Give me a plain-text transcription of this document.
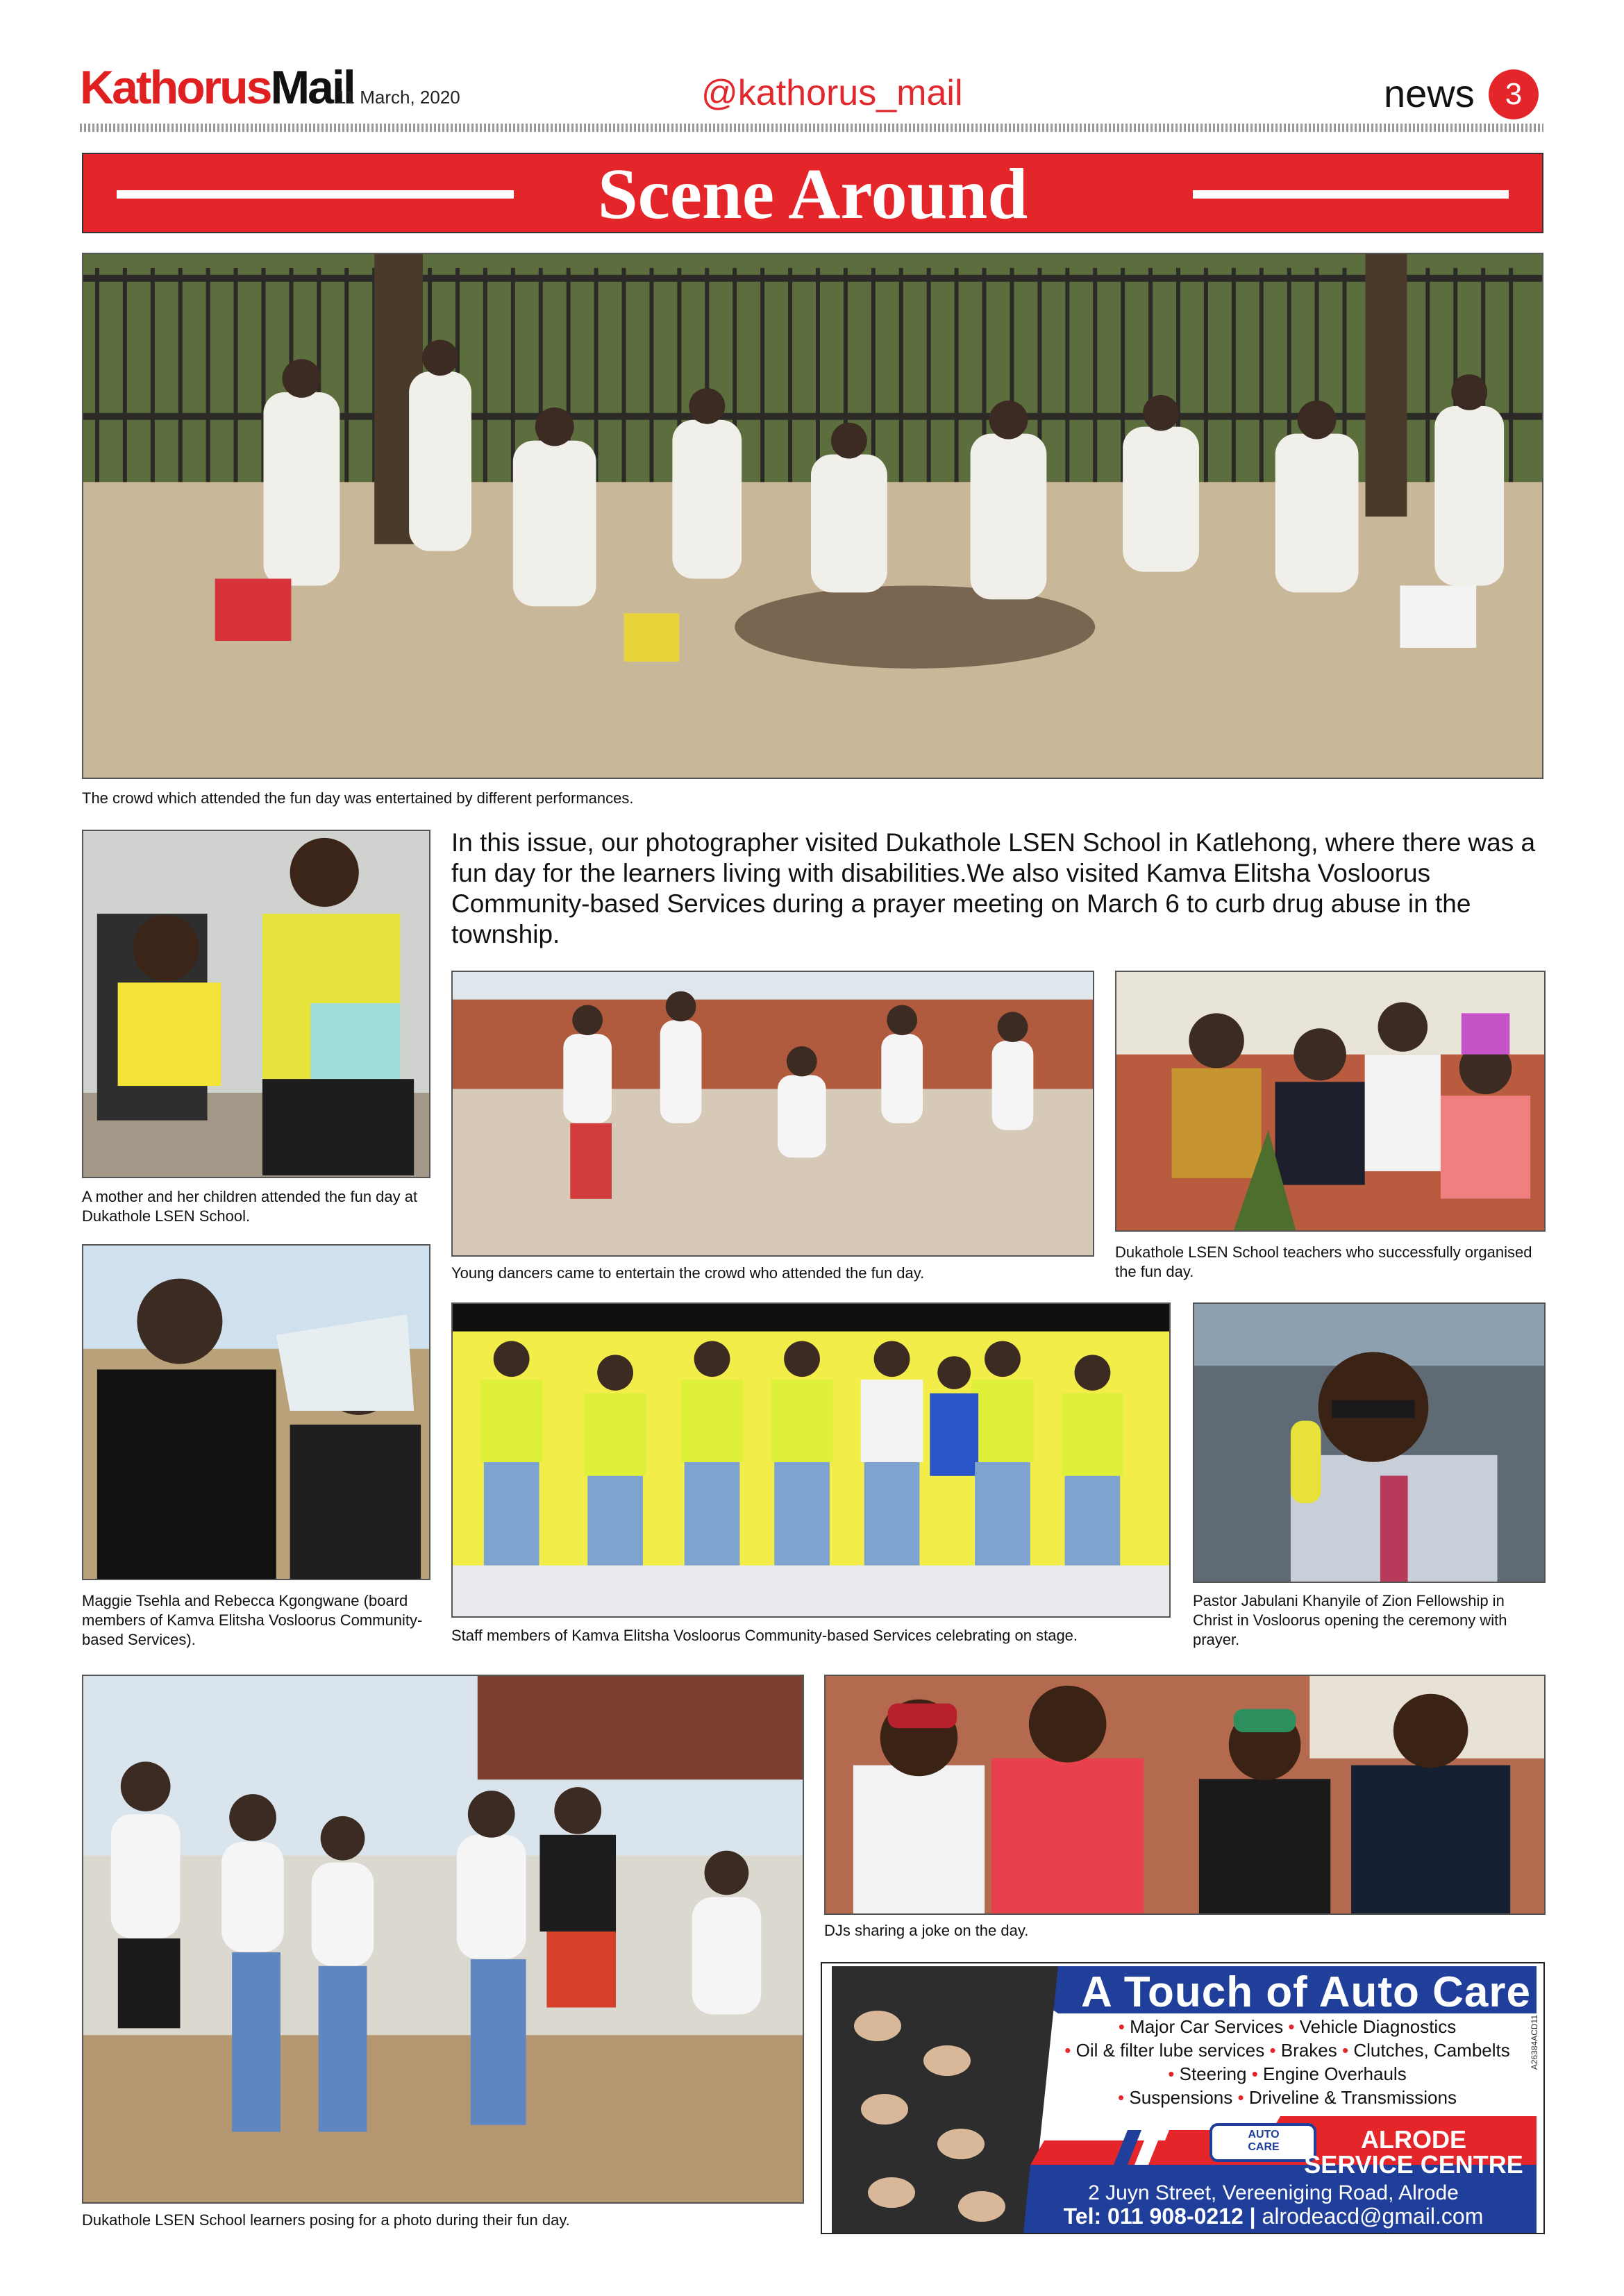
KathorusMail
11 March, 2020	@kathorus_mail	news	3
Scene Around
The crowd which attended the fun day was entertained by different performances.
A mother and her children attended the fun day at Dukathole LSEN School.
In this issue, our photographer visited Dukathole LSEN School in Katlehong, where there was a fun day for the learners living with disabilities.We also visited Kamva Elitsha Vosloorus Community-based Services during a prayer meeting on March 6 to curb drug abuse in the township.
Young dancers came to entertain the crowd who attended the fun day.
Dukathole LSEN School teachers who successfully organised the fun day.
Maggie Tsehla and Rebecca Kgongwane (board members of Kamva Elitsha Vosloorus Community-based Services).	Staff members of Kamva Elitsha Vosloorus Community-based Services celebrating on stage.
Pastor Jabulani Khanyile of Zion Fellowship in Christ in Vosloorus opening the ceremony with prayer.
Dukathole LSEN School learners posing for a photo during their fun day.
DJs sharing a joke on the day.
A Touch of Auto Care
• Major Car Services • Vehicle Diagnostics
• Oil & filter lube services • Brakes • Clutches, Cambelts
• Steering • Engine Overhauls
• Suspensions • Driveline & Transmissions
AUTO
CARE	ALRODE
SERVICE CENTRE
2 Juyn Street, Vereeniging Road, Alrode
Tel: 011 908-0212 | alrodeacd@gmail.com
A26384ACD11
